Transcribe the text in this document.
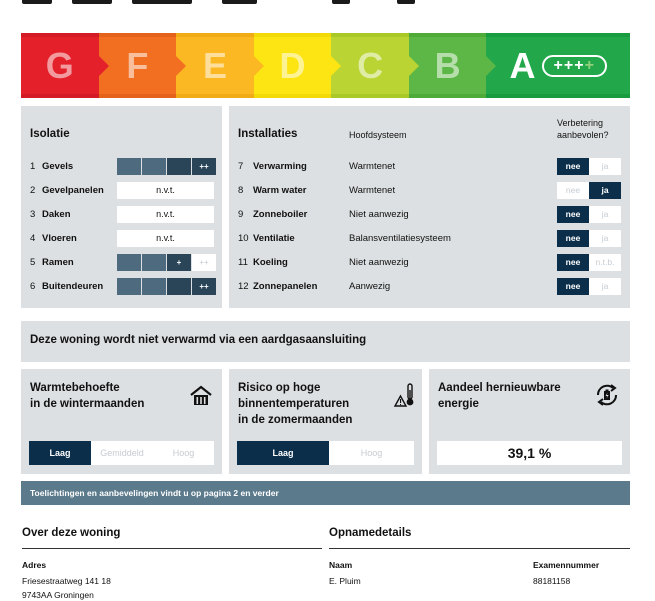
G F E D C B A +++ +
Isolatie
1 Gevels	++
2 Gevelpanelen	n.v.t.
3 Daken	n.v.t.
4 Vloeren	n.v.t.
5 Ramen	+	++
6 Buitendeuren	++
Installaties	Hoofdsysteem
Verbetering
aanbevolen?
7	Verwarming	Warmtenet	nee	ja
8	Warm water	Warmtenet	nee	ja
9	Zonneboiler	Niet aanwezig	nee	ja
10 Ventilatie	Balansventilatiesysteem	nee	ja
11 Koeling	Niet aanwezig	nee	n.t.b.
12 Zonnepanelen	Aanwezig	nee	ja
Deze woning wordt niet verwarmd via een aardgasaansluiting
Warmtebehoefte
in de wintermaanden
Laag	Gemiddeld	Hoog
Risico op hoge
binnentemperaturen
in de zomermaanden
Laag	Hoog
Aandeel hernieuwbare
energie
39,1 %
Toelichtingen en aanbevelingen vindt u op pagina 2 en verder
Over deze woning
Adres
Friesestraatweg 141 18
9743AA Groningen
Opnamedetails
Naam
E. Pluim
Examennummer
88181158
